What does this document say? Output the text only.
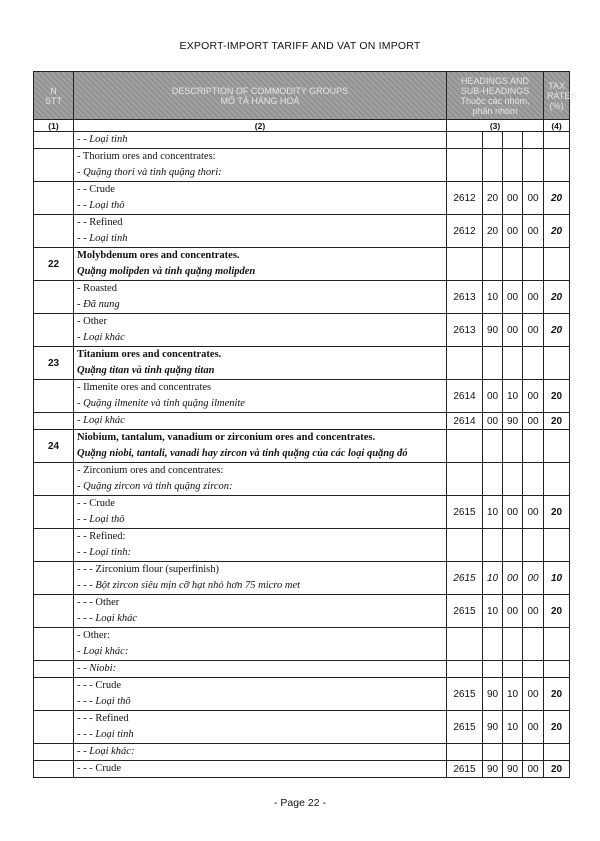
EXPORT-IMPORT TARIFF AND VAT ON IMPORT
N
STT	DESCRIPTION OF COMMODITY GROUPS
MÔ TẢ HÀNG HOÁ	HEADINGS AND
SUB-HEADINGS
Thuộc các nhóm,
phân nhóm				TAX
RATES
(%)
(1)	(2)	(3)				(4)

	- - Loại tinh					

	- Thorium ores and concentrates:
- Quặng thori và tinh quặng thori:					

	- - Crude
- - Loại thô	2612	20	00	00	20

	- - Refined
- - Loại tinh	2612	20	00	00	20
22	Molybdenum ores and concentrates.
Quặng molipden và tinh quặng molipden					

	- Roasted
- Đã nung	2613	10	00	00	20

	- Other
- Loại khác	2613	90	00	00	20
23	Titanium ores and concentrates.
Quặng titan và tinh quặng titan					

	- Ilmenite ores and concentrates
- Quặng ilmenite và tinh quặng ilmenite	2614	00	10	00	20

	- Loại khác	2614	00	90	00	20
24	Niobium, tantalum, vanadium or zirconium ores and concentrates.
Quặng niobi, tantali, vanadi hay zircon và tinh quặng của các loại quặng đó					

	- Zirconium ores and concentrates:
- Quặng zircon và tinh quặng zircon:					

	- - Crude
- - Loại thô	2615	10	00	00	20

	- - Refined:
- - Loại tinh:					

	- - - Zirconium flour (superfinish)
- - - Bột zircon siêu mịn cỡ hạt nhỏ hơn 75 micro met	2615	10	00	00	10

	- - - Other
- - - Loại khác	2615	10	00	00	20

	- Other:
- Loại khác:					

	- - Niobi:					

	- - - Crude
- - - Loại thô	2615	90	10	00	20

	- - - Refined
- - - Loại tinh	2615	90	10	00	20

	- - Loại khác:					

	- - - Crude	2615	90	90	00	20
- Page 22 -
